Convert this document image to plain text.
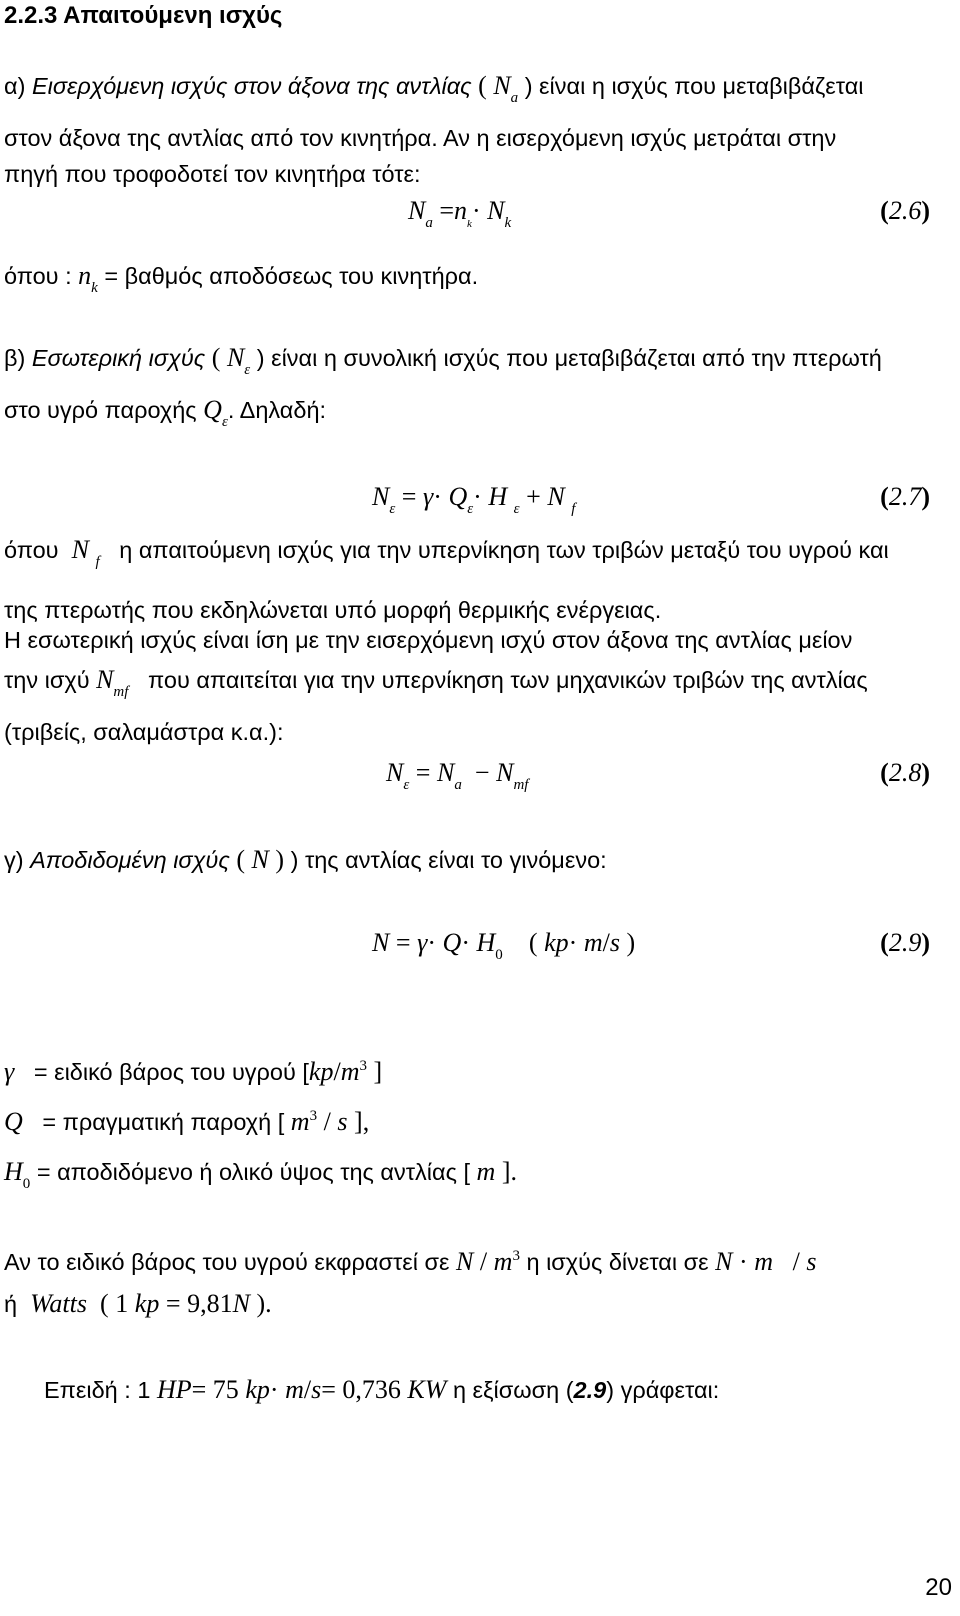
2.2.3 Απαιτούμενη ισχύς
α) Εισερχόμενη ισχύς στον άξονα της αντλίας ( $N_a$ ) είναι η ισχύς που μεταβιβάζεται
στον άξονα της αντλίας από τον κινητήρα. Αν η εισερχόμενη ισχύς μετράται στην
πηγή που τροφοδοτεί τον κινητήρα τότε:
$N_a =n_k\cdot N_k$	(2.6)
όπου : $n_k = \beta\alpha\theta\mu ό\varsigma$ αποδόσεως του κινητήρα.
β) Εσωτερική ισχύς ( $N_\varepsilon$ ) είναι η συνολική ισχύς που μεταβιβάζεται από την πτερωτή
στο υγρό παροχής $Q_\varepsilon$. Δηλαδή:
$N_\varepsilon = \gamma\cdot Q_\varepsilon\cdot H$ $_\varepsilon$ + N $_f$	(2.7)
όπου N $_f$ η απαιτούμενη ισχύς για την υπερνίκηση των τριβών μεταξύ του υγρού και
της πτερωτής που εκδηλώνεται υπό μορφή θερμικής ενέργειας.
Η εσωτερική ισχύς είναι ίση με την εισερχόμενη ισχύ στον άξονα της αντλίας μείον
την ισχύ $N_{mf}$ που απαιτείται για την υπερνίκηση των μηχανικών τριβών της αντλίας
(τριβείς, σαλαμάστρα κ.α.):
$N_\varepsilon = N_a - N_{mf}$	(2.8)
γ) Αποδιδομένη ισχύς ( N ) ) της αντλίας είναι το γινόμενο:
$N = \gamma\cdot Q\cdot H_0$ ( kp· m/s )	(2.9)
γ = ειδικό βάρος του υγρού [$kp/m^3$ ]
Q = πραγματική παροχή [ $m^3$ / s ],
$H_0 = \alpha\pi o\delta\iota\delta ό\mu\varepsilon\nu o$ ή ολικό ύψος της αντλίας [ m ].
Αν το ειδικό βάρος του υγρού εκφραστεί σε N / $m^3$ η ισχύς δίνεται σε N · m / s
ή Watts ( 1 kp = 9,81N ).
Επειδή : 1 HP= 75 kp· m/s= 0,736 KW η εξίσωση (2.9) γράφεται:
20
